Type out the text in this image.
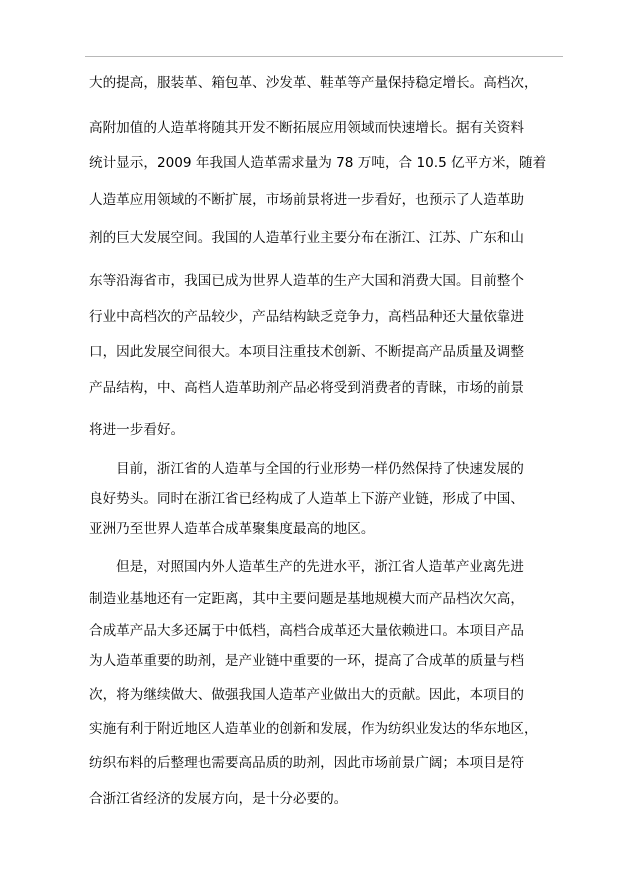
大的提高，服装革、箱包革、沙发革、鞋革等产量保持稳定增长。高档次，
高附加值的人造革将随其开发不断拓展应用领域而快速增长。据有关资料
统计显示，2009 年我国人造革需求量为 78 万吨，合 10.5 亿平方米，随着
人造革应用领域的不断扩展，市场前景将进一步看好，也预示了人造革助
剂的巨大发展空间。我国的人造革行业主要分布在浙江、江苏、广东和山
东等沿海省市，我国已成为世界人造革的生产大国和消费大国。目前整个
行业中高档次的产品较少，产品结构缺乏竞争力，高档品种还大量依靠进
口，因此发展空间很大。本项目注重技术创新、不断提高产品质量及调整
产品结构，中、高档人造革助剂产品必将受到消费者的青睐，市场的前景
将进一步看好。
目前，浙江省的人造革与全国的行业形势一样仍然保持了快速发展的
良好势头。同时在浙江省已经构成了人造革上下游产业链，形成了中国、
亚洲乃至世界人造革合成革聚集度最高的地区。
但是，对照国内外人造革生产的先进水平，浙江省人造革产业离先进
制造业基地还有一定距离，其中主要问题是基地规模大而产品档次欠高，
合成革产品大多还属于中低档，高档合成革还大量依赖进口。本项目产品
为人造革重要的助剂，是产业链中重要的一环，提高了合成革的质量与档
次，将为继续做大、做强我国人造革产业做出大的贡献。因此，本项目的
实施有利于附近地区人造革业的创新和发展，作为纺织业发达的华东地区，
纺织布料的后整理也需要高品质的助剂，因此市场前景广阔；本项目是符
合浙江省经济的发展方向，是十分必要的。
